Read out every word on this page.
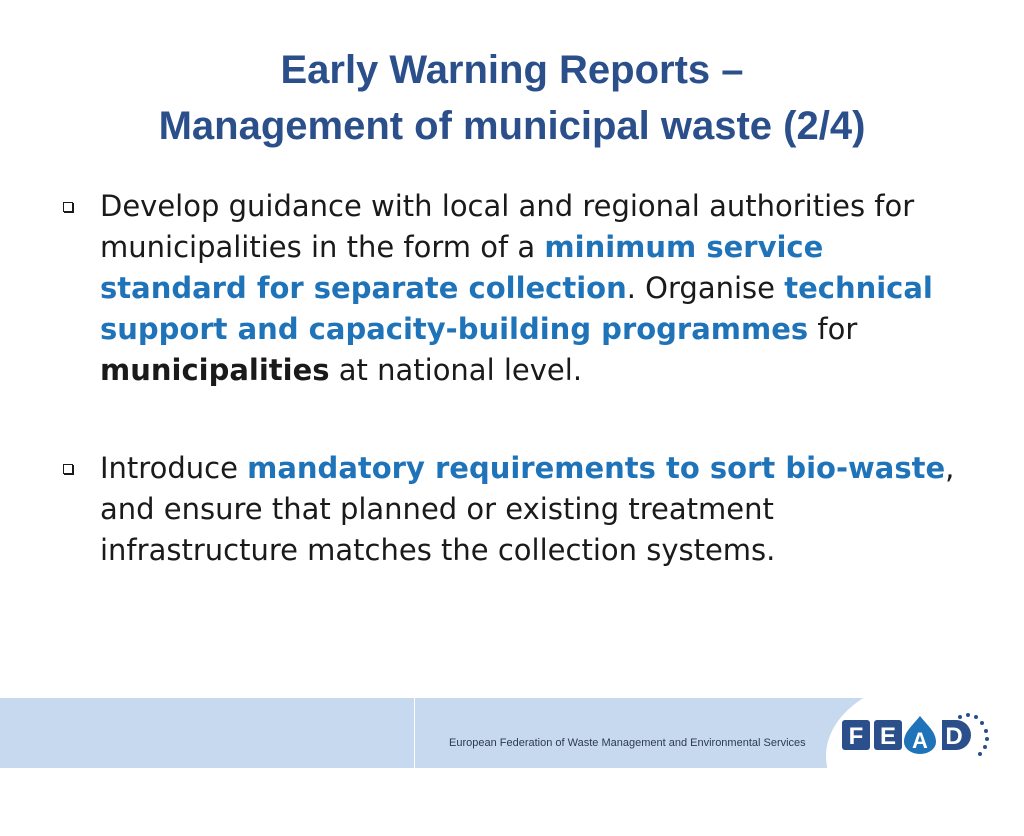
Early Warning Reports –
Management of municipal waste (2/4)
Develop guidance with local and regional authorities for municipalities in the form of a minimum service standard for separate collection. Organise technical support and capacity-building programmes for municipalities at national level.
Introduce mandatory requirements to sort bio-waste, and ensure that planned or existing treatment infrastructure matches the collection systems.
European Federation of Waste Management and Environmental Services	F E A D
